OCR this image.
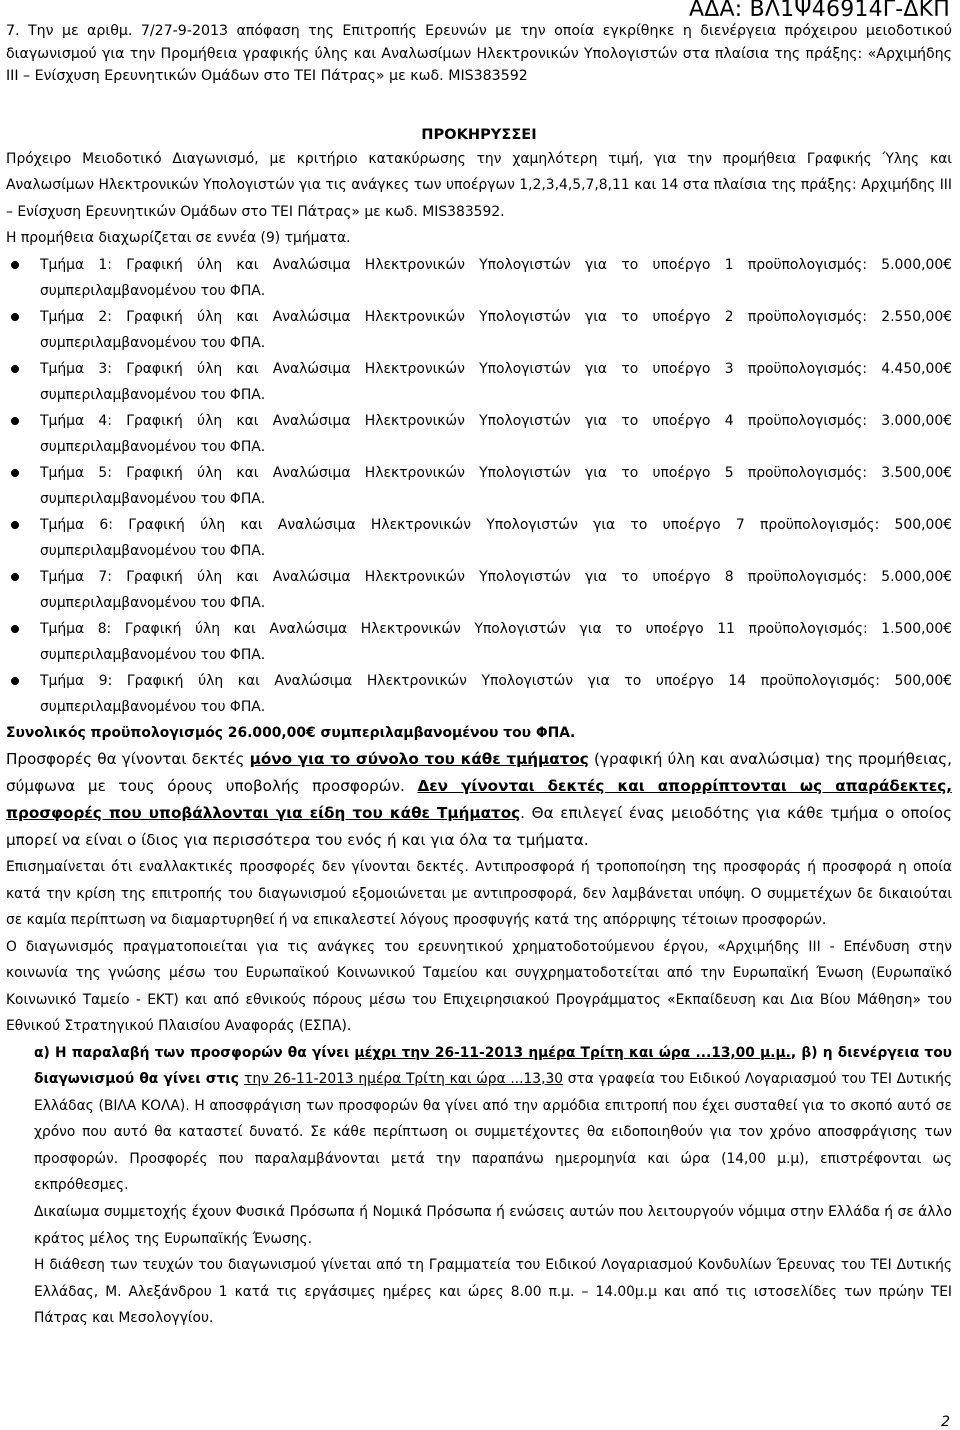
ΑΔΑ: ΒΛ1Ψ46914Γ-ΔΚΠ

7. Την με αριθμ. 7/27-9-2013 απόφαση της Επιτροπής Ερευνών με την οποία εγκρίθηκε η διενέργεια πρόχειρου μειοδοτικού διαγωνισμού για την Προμήθεια γραφικής ύλης και Αναλωσίμων Ηλεκτρονικών Υπολογιστών στα πλαίσια της πράξης: «Αρχιμήδης ΙΙΙ – Ενίσχυση Ερευνητικών Ομάδων στο ΤΕΙ Πάτρας» με κωδ. MIS383592

ΠΡΟΚΗΡΥΣΣΕΙ

Πρόχειρο Μειοδοτικό Διαγωνισμό, με κριτήριο κατακύρωσης την χαμηλότερη τιμή, για την προμήθεια Γραφικής Ύλης και Αναλωσίμων Ηλεκτρονικών Υπολογιστών για τις ανάγκες των υποέργων 1,2,3,4,5,7,8,11 και 14 στα πλαίσια της πράξης: Αρχιμήδης ΙΙΙ – Ενίσχυση Ερευνητικών Ομάδων στο ΤΕΙ Πάτρας» με κωδ. MIS383592.

Η προμήθεια διαχωρίζεται σε εννέα (9) τμήματα.

Τμήμα 1: Γραφική ύλη και Αναλώσιμα Ηλεκτρονικών Υπολογιστών για το υποέργο 1 προϋπολογισμός: 5.000,00€ συμπεριλαμβανομένου του ΦΠΑ.
Τμήμα 2: Γραφική ύλη και Αναλώσιμα Ηλεκτρονικών Υπολογιστών για το υποέργο 2 προϋπολογισμός: 2.550,00€ συμπεριλαμβανομένου του ΦΠΑ.
Τμήμα 3: Γραφική ύλη και Αναλώσιμα Ηλεκτρονικών Υπολογιστών για το υποέργο 3 προϋπολογισμός: 4.450,00€ συμπεριλαμβανομένου του ΦΠΑ.
Τμήμα 4: Γραφική ύλη και Αναλώσιμα Ηλεκτρονικών Υπολογιστών για το υποέργο 4 προϋπολογισμός: 3.000,00€ συμπεριλαμβανομένου του ΦΠΑ.
Τμήμα 5: Γραφική ύλη και Αναλώσιμα Ηλεκτρονικών Υπολογιστών για το υποέργο 5 προϋπολογισμός: 3.500,00€ συμπεριλαμβανομένου του ΦΠΑ.
Τμήμα 6: Γραφική ύλη και Αναλώσιμα Ηλεκτρονικών Υπολογιστών για το υποέργο 7 προϋπολογισμός: 500,00€ συμπεριλαμβανομένου του ΦΠΑ.
Τμήμα 7: Γραφική ύλη και Αναλώσιμα Ηλεκτρονικών Υπολογιστών για το υποέργο 8 προϋπολογισμός: 5.000,00€ συμπεριλαμβανομένου του ΦΠΑ.
Τμήμα 8: Γραφική ύλη και Αναλώσιμα Ηλεκτρονικών Υπολογιστών για το υποέργο 11 προϋπολογισμός: 1.500,00€ συμπεριλαμβανομένου του ΦΠΑ.
Τμήμα 9: Γραφική ύλη και Αναλώσιμα Ηλεκτρονικών Υπολογιστών για το υποέργο 14 προϋπολογισμός: 500,00€ συμπεριλαμβανομένου του ΦΠΑ.

Συνολικός προϋπολογισμός 26.000,00€ συμπεριλαμβανομένου του ΦΠΑ.

Προσφορές θα γίνονται δεκτές μόνο για το σύνολο του κάθε τμήματος (γραφική ύλη και αναλώσιμα) της προμήθειας, σύμφωνα με τους όρους υποβολής προσφορών. Δεν γίνονται δεκτές και απορρίπτονται ως απαράδεκτες, προσφορές που υποβάλλονται για είδη του κάθε Τμήματος. Θα επιλεγεί ένας μειοδότης για κάθε τμήμα ο οποίος μπορεί να είναι ο ίδιος για περισσότερα του ενός ή και για όλα τα τμήματα.

Επισημαίνεται ότι εναλλακτικές προσφορές δεν γίνονται δεκτές. Αντιπροσφορά ή τροποποίηση της προσφοράς ή προσφορά η οποία κατά την κρίση της επιτροπής του διαγωνισμού εξομοιώνεται με αντιπροσφορά, δεν λαμβάνεται υπόψη. Ο συμμετέχων δε δικαιούται σε καμία περίπτωση να διαμαρτυρηθεί ή να επικαλεστεί λόγους προσφυγής κατά της απόρριψης τέτοιων προσφορών.

Ο διαγωνισμός πραγματοποιείται για τις ανάγκες του ερευνητικού χρηματοδοτούμενου έργου, «Αρχιμήδης ΙΙΙ - Επένδυση στην κοινωνία της γνώσης μέσω του Ευρωπαϊκού Κοινωνικού Ταμείου και συγχρηματοδοτείται από την Ευρωπαϊκή Ένωση (Ευρωπαϊκό Κοινωνικό Ταμείο - ΕΚΤ) και από εθνικούς πόρους μέσω του Επιχειρησιακού Προγράμματος «Εκπαίδευση και Δια Βίου Μάθηση» του Εθνικού Στρατηγικού Πλαισίου Αναφοράς (ΕΣΠΑ).

α) Η παραλαβή των προσφορών θα γίνει μέχρι την 26-11-2013 ημέρα Τρίτη και ώρα ...13,00 μ.μ., β) η διενέργεια του διαγωνισμού θα γίνει στις την 26-11-2013 ημέρα Τρίτη και ώρα ...13,30 στα γραφεία του Ειδικού Λογαριασμού του ΤΕΙ Δυτικής Ελλάδας (ΒΙΛΑ ΚΟΛΑ). Η αποσφράγιση των προσφορών θα γίνει από την αρμόδια επιτροπή που έχει συσταθεί για το σκοπό αυτό σε χρόνο που αυτό θα καταστεί δυνατό. Σε κάθε περίπτωση οι συμμετέχοντες θα ειδοποιηθούν για τον χρόνο αποσφράγισης των προσφορών. Προσφορές που παραλαμβάνονται μετά την παραπάνω ημερομηνία και ώρα (14,00 μ.μ), επιστρέφονται ως εκπρόθεσμες.

Δικαίωμα συμμετοχής έχουν Φυσικά Πρόσωπα ή Νομικά Πρόσωπα ή ενώσεις αυτών που λειτουργούν νόμιμα στην Ελλάδα ή σε άλλο κράτος μέλος της Ευρωπαϊκής Ένωσης.

Η διάθεση των τευχών του διαγωνισμού γίνεται από τη Γραμματεία του Ειδικού Λογαριασμού Κονδυλίων Έρευνας του ΤΕΙ Δυτικής Ελλάδας, Μ. Αλεξάνδρου 1 κατά τις εργάσιμες ημέρες και ώρες 8.00 π.μ. – 14.00μ.μ και από τις ιστοσελίδες των πρώην ΤΕΙ Πάτρας και Μεσολογγίου.

2
